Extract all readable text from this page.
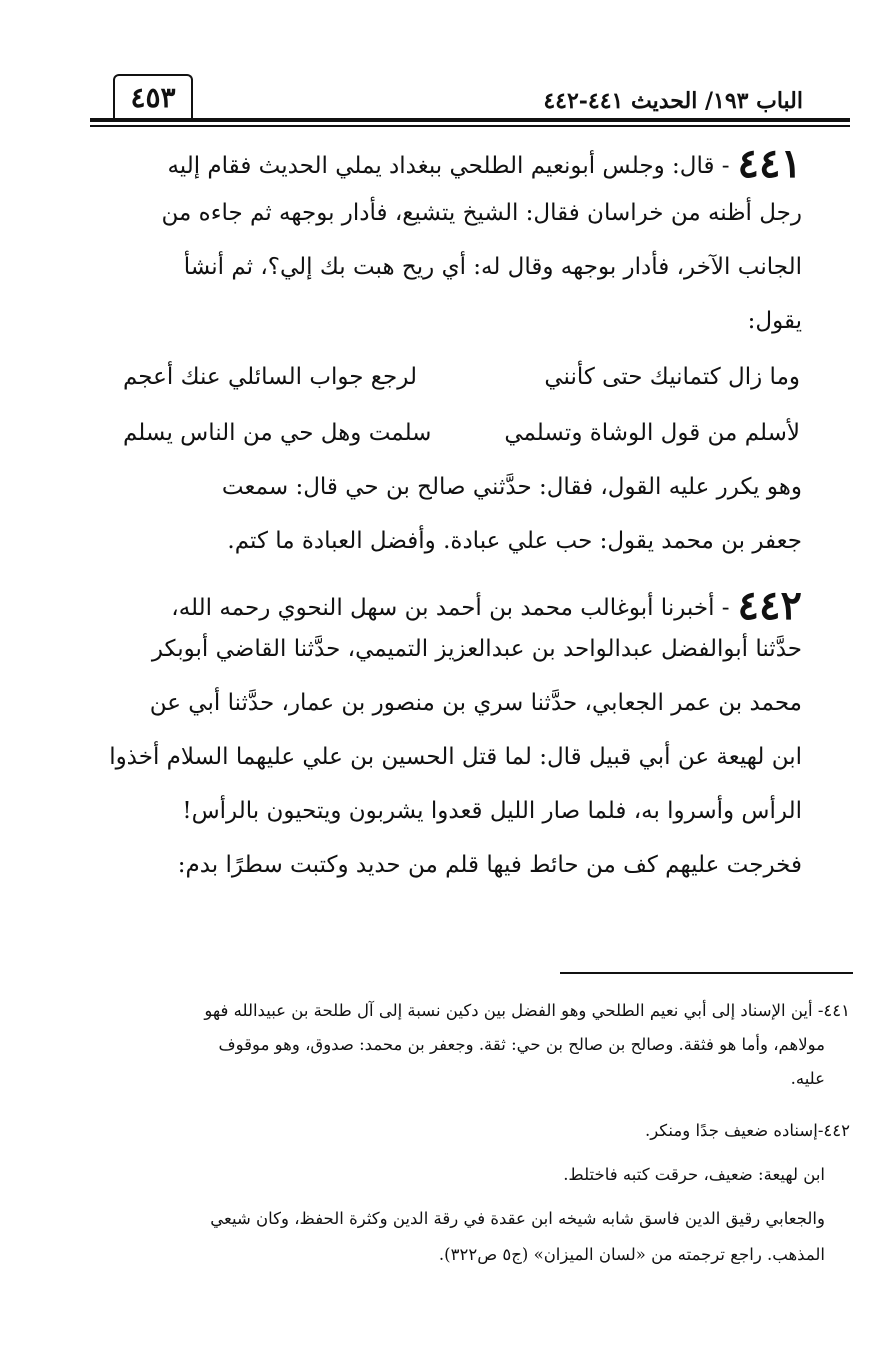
الباب ١٩٣/ الحديث ٤٤١-٤٤٢
٤٥٣
٤٤١- قال: وجلس أبونعيم الطلحي ببغداد يملي الحديث فقام إليه
رجل أظنه من خراسان فقال: الشيخ يتشيع، فأدار بوجهه ثم جاءه من
الجانب الآخر، فأدار بوجهه وقال له: أي ريح هبت بك إلي؟، ثم أنشأ
يقول:
وما زال كتمانيك حتى كأنني
لرجع جواب السائلي عنك أعجم
لأسلم من قول الوشاة وتسلمي
سلمت وهل حي من الناس يسلم
وهو يكرر عليه القول، فقال: حدَّثني صالح بن حي قال: سمعت
جعفر بن محمد يقول: حب علي عبادة. وأفضل العبادة ما كتم.
٤٤٢- أخبرنا أبوغالب محمد بن أحمد بن سهل النحوي رحمه الله،
حدَّثنا أبوالفضل عبدالواحد بن عبدالعزيز التميمي، حدَّثنا القاضي أبوبكر
محمد بن عمر الجعابي، حدَّثنا سري بن منصور بن عمار، حدَّثنا أبي عن
ابن لهيعة عن أبي قبيل قال: لما قتل الحسين بن علي عليهما السلام أخذوا
الرأس وأسروا به، فلما صار الليل قعدوا يشربون ويتحيون بالرأس!
فخرجت عليهم كف من حائط فيها قلم من حديد وكتبت سطرًا بدم:
٤٤١- أين الإسناد إلى أبي نعيم الطلحي وهو الفضل بين دكين نسبة إلى آل طلحة بن عبيدالله فهو
مولاهم، وأما هو فثقة. وصالح بن صالح بن حي: ثقة. وجعفر بن محمد: صدوق، وهو موقوف
عليه.
٤٤٢-إسناده ضعيف جدًا ومنكر.
ابن لهيعة: ضعيف، حرقت كتبه فاختلط.
والجعابي رقيق الدين فاسق شابه شيخه ابن عقدة في رقة الدين وكثرة الحفظ، وكان شيعي
المذهب. راجع ترجمته من «لسان الميزان» (ج٥ ص٣٢٢).
